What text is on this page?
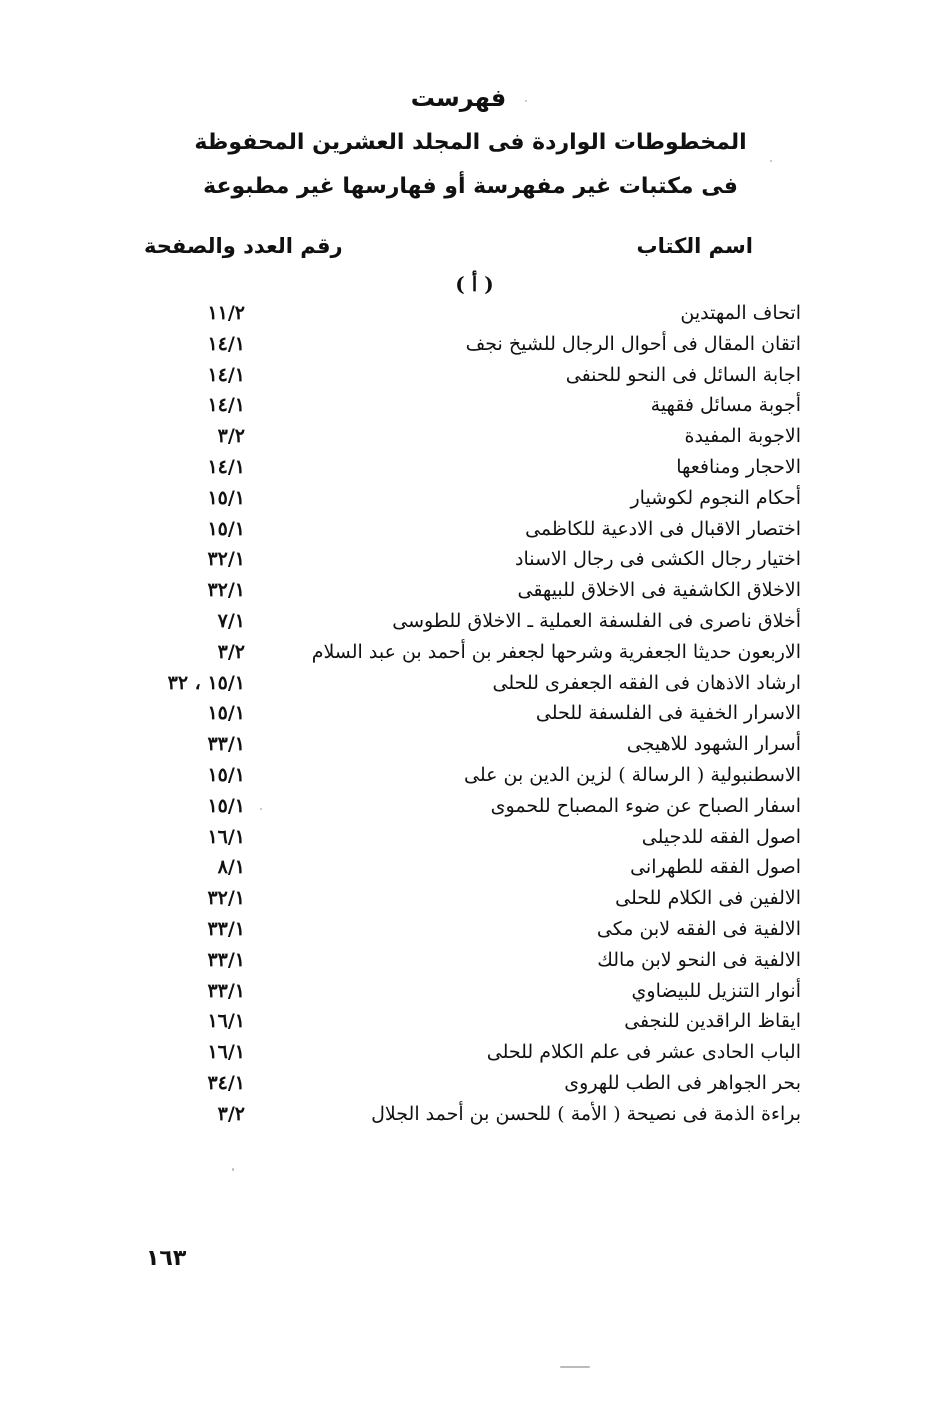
فهرست
المخطوطات الواردة فى المجلد العشرين المحفوظة
فى مكتبات غير مفهرسة أو فهارسها غير مطبوعة
اسم الكتاب
رقم العدد والصفحة
( أ )
اتحاف المهتدين
١١/٢
اتقان المقال فى أحوال الرجال للشيخ نجف
١٤/١
اجابة السائل فى النحو للحنفى
١٤/١
أجوبة مسائل فقهية
١٤/١
الاجوبة المفيدة
٣/٢
الاحجار ومنافعها
١٤/١
أحكام النجوم لكوشيار
١٥/١
اختصار الاقبال فى الادعية للكاظمى
١٥/١
اختيار رجال الكشى فى رجال الاسناد
٣٢/١
الاخلاق الكاشفية فى الاخلاق للبيهقى
٣٢/١
أخلاق ناصرى فى الفلسفة العملية ـ الاخلاق للطوسى
٧/١
الاربعون حديثا الجعفرية وشرحها لجعفر بن أحمد بن عبد السلام
٣/٢
ارشاد الاذهان فى الفقه الجعفرى للحلى
١٥/١ ، ٣٢
الاسرار الخفية فى الفلسفة للحلى
١٥/١
أسرار الشهود للاهيجى
٣٣/١
الاسطنبولية ( الرسالة ) لزين الدين بن على
١٥/١
اسفار الصباح عن ضوء المصباح للحموى
١٥/١
اصول الفقه للدجيلى
١٦/١
اصول الفقه للطهرانى
٨/١
الالفين فى الكلام للحلى
٣٢/١
الالفية فى الفقه لابن مكى
٣٣/١
الالفية فى النحو لابن مالك
٣٣/١
أنوار التنزيل للبيضاوي
٣٣/١
ايقاظ الراقدين للنجفى
١٦/١
الباب الحادى عشر فى علم الكلام للحلى
١٦/١
بحر الجواهر فى الطب للهروى
٣٤/١
براءة الذمة فى نصيحة ( الأمة ) للحسن بن أحمد الجلال
٣/٢
١٦٣
